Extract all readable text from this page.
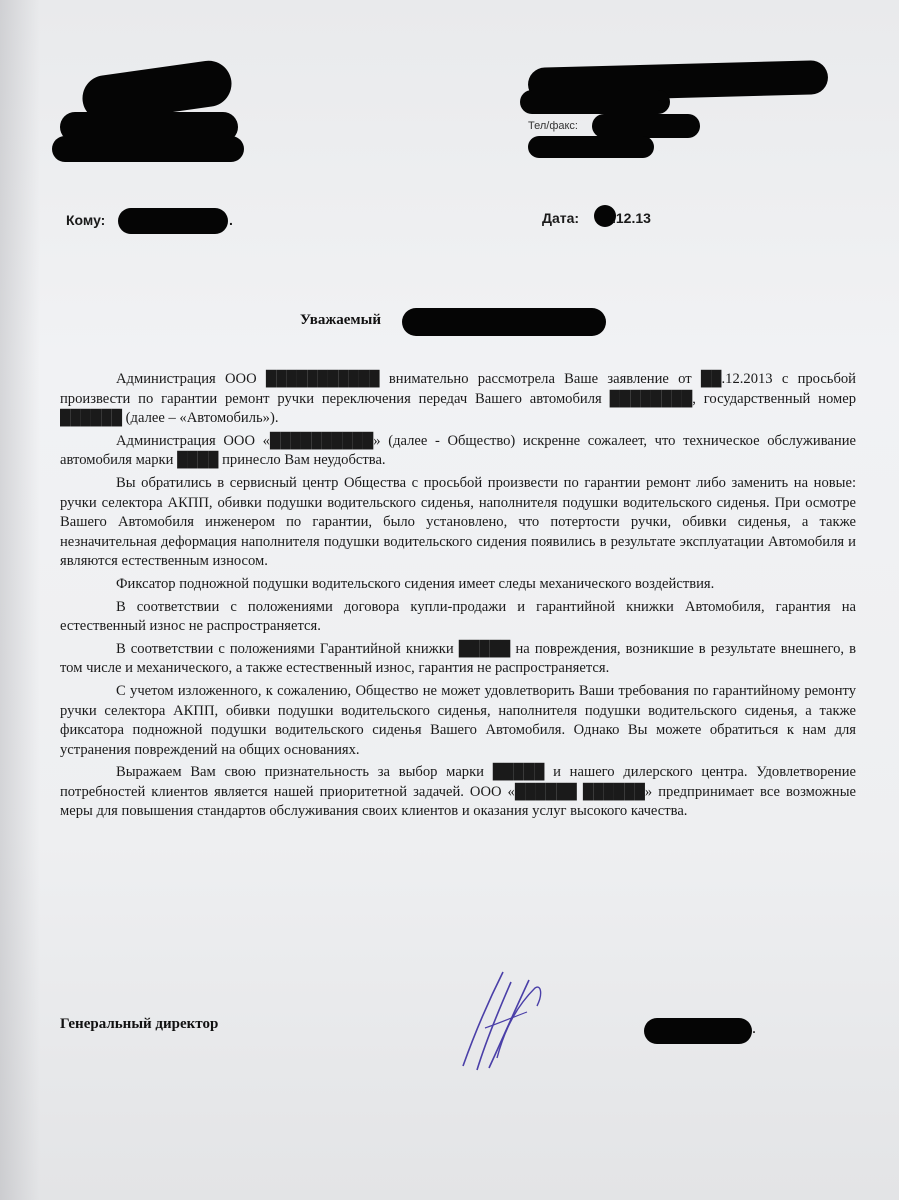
Тел/факс:
Кому:	.	Дата: .12.13
Уважаемый

Администрация ООО ███████████ внимательно рассмотрела Ваше заявление от ██.12.2013 с просьбой произвести по гарантии ремонт ручки переключения передач Вашего автомобиля ████████, государственный номер ██████ (далее – «Автомобиль»).

Администрация ООО «██████████» (далее - Общество) искренне сожалеет, что техническое обслуживание автомобиля марки ████ принесло Вам неудобства.

Вы обратились в сервисный центр Общества с просьбой произвести по гарантии ремонт либо заменить на новые: ручки селектора АКПП, обивки подушки водительского сиденья, наполнителя подушки водительского сиденья. При осмотре Вашего Автомобиля инженером по гарантии, было установлено, что потертости ручки, обивки сиденья, а также незначительная деформация наполнителя подушки водительского сидения появились в результате эксплуатации Автомобиля и являются естественным износом.

Фиксатор подножной подушки водительского сидения имеет следы механического воздействия.

В соответствии с положениями договора купли-продажи и гарантийной книжки Автомобиля, гарантия на естественный износ не распространяется.

В соответствии с положениями Гарантийной книжки █████ на повреждения, возникшие в результате внешнего, в том числе и механического, а также естественный износ, гарантия не распространяется.

С учетом изложенного, к сожалению, Общество не может удовлетворить Ваши требования по гарантийному ремонту ручки селектора АКПП, обивки подушки водительского сиденья, наполнителя подушки водительского сиденья, а также фиксатора подножной подушки водительского сиденья Вашего Автомобиля. Однако Вы можете обратиться к нам для устранения повреждений на общих основаниях.

Выражаем Вам свою признательность за выбор марки █████ и нашего дилерского центра. Удовлетворение потребностей клиентов является нашей приоритетной задачей. ООО «██████ ██████» предпринимает все возможные меры для повышения стандартов обслуживания своих клиентов и оказания услуг высокого качества.

Генеральный директор	.
